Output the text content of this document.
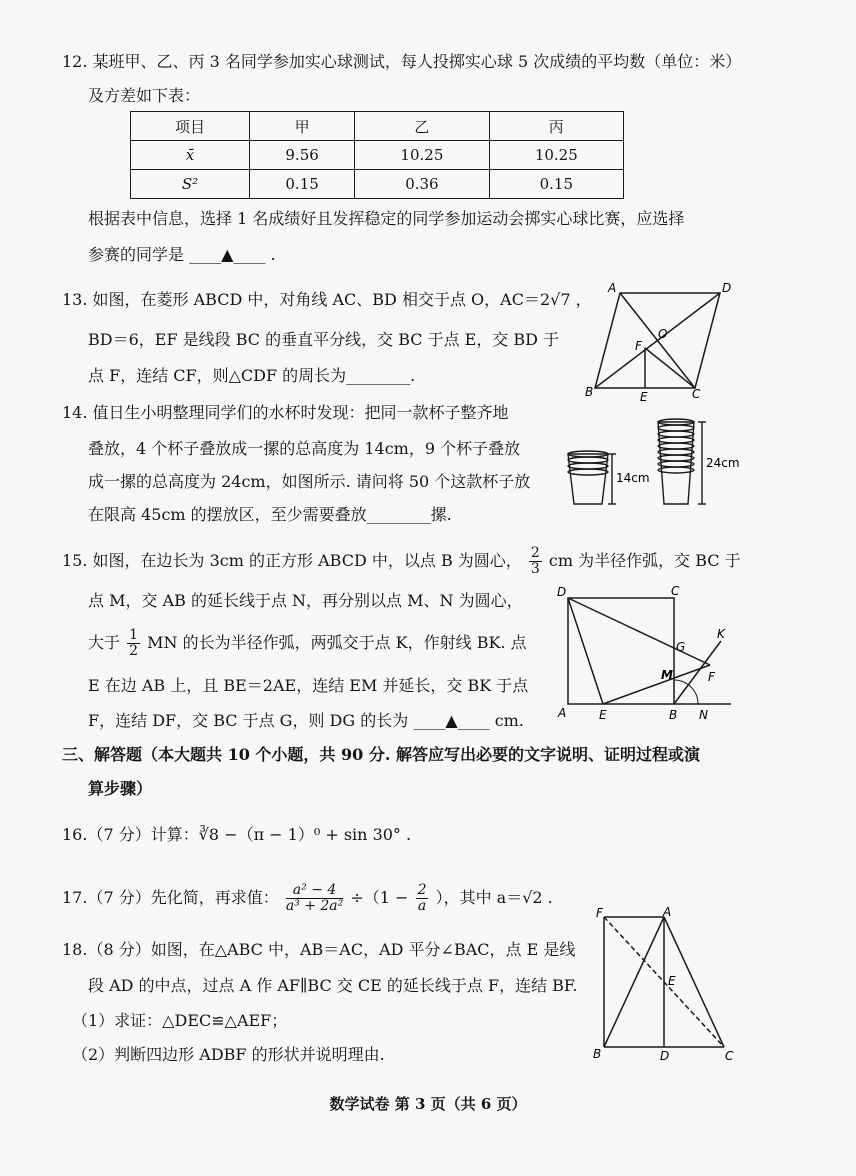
12. 某班甲、乙、丙 3 名同学参加实心球测试，每人投掷实心球 5 次成绩的平均数（单位：米）
及方差如下表：
项目	甲	乙	丙
x̄	9.56	10.25	10.25
S²	0.15	0.36	0.15
根据表中信息，选择 1 名成绩好且发挥稳定的同学参加运动会掷实心球比赛，应选择
参赛的同学是 ____▲____ .
13. 如图，在菱形 ABCD 中，对角线 AC、BD 相交于点 O，AC＝2√7 ，
BD＝6，EF 是线段 BC 的垂直平分线，交 BC 于点 E，交 BD 于
点 F，连结 CF，则△CDF 的周长为________.
A	D
O
F
B	E	C
14. 值日生小明整理同学们的水杯时发现：把同一款杯子整齐地
叠放，4 个杯子叠放成一摞的总高度为 14cm，9 个杯子叠放
成一摞的总高度为 24cm，如图所示. 请问将 50 个这款杯子放
在限高 45cm 的摆放区，至少需要叠放________摞.
14cm
24cm
15. 如图，在边长为 3cm 的正方形 ABCD 中，以点 B 为圆心， $\frac{2}{3}$ cm 为半径作弧，交 BC 于
点 M，交 AB 的延长线于点 N，再分别以点 M、N 为圆心，
大于 $\frac{1}{2}$ MN 的长为半径作弧，两弧交于点 K，作射线 BK. 点
E 在边 AB 上，且 BE＝2AE，连结 EM 并延长，交 BK 于点
F，连结 DF，交 BC 于点 G，则 DG 的长为 ____▲____ cm.
D	C
K
G
M	F
A	E	B N
三、解答题（本大题共 10 个小题，共 90 分. 解答应写出必要的文字说明、证明过程或演
算步骤）
16.（7 分）计算：∛8 −（π − 1）⁰ + sin 30° .
17.（7 分）先化简，再求值： $\frac{\text{a² − 4}}{\text{a³ + 2a²}} \div(1 - \frac{2}{a}$ ），其中 a＝√2 .
18.（8 分）如图，在△ABC 中，AB＝AC，AD 平分∠BAC，点 E 是线
段 AD 的中点，过点 A 作 AF∥BC 交 CE 的延长线于点 F，连结 BF.
（1）求证：△DEC≌△AEF；
（2）判断四边形 ADBF 的形状并说明理由.
F	A
E
B	D	C
数学试卷 第 3 页（共 6 页）
